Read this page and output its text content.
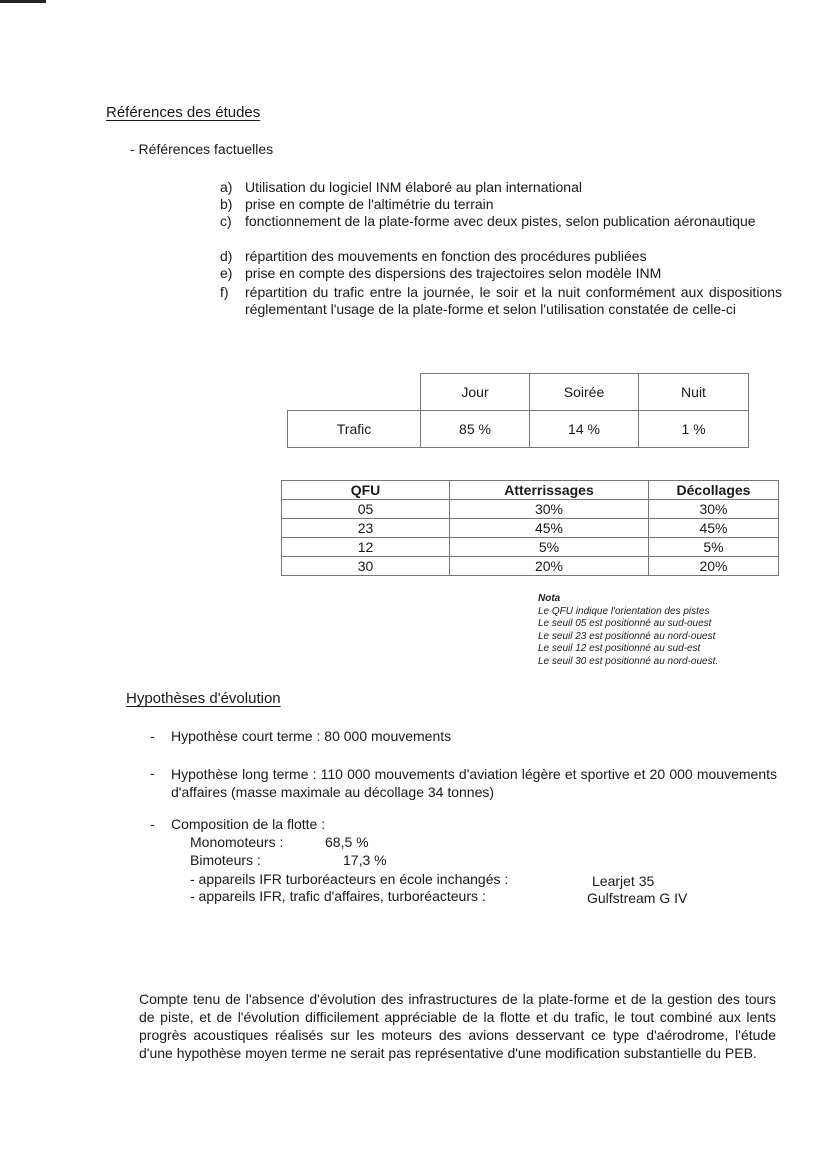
Références des études
- Références factuelles
a) Utilisation du logiciel INM élaboré au plan international
b) prise en compte de l'altimétrie du terrain
c) fonctionnement de la plate-forme avec deux pistes, selon publication aéronautique
d) répartition des mouvements en fonction des procédures publiées
e) prise en compte des dispersions des trajectoires selon modèle INM
f) répartition du trafic entre la journée, le soir et la nuit conformément aux dispositions réglementant l'usage de la plate-forme et selon l'utilisation constatée de celle-ci
	Jour	Soirée	Nuit
Trafic	85 %	14 %	1 %
QFU	Atterrissages	Décollages
05	30%	30%
23	45%	45%
12	5%	5%
30	20%	20%
Nota
Le QFU indique l'orientation des pistes
Le seuil 05 est positionné au sud-ouest
Le seuil 23 est positionné au nord-ouest
Le seuil 12 est positionné au sud-est
Le seuil 30 est positionné au nord-ouest.
Hypothèses d'évolution
- Hypothèse court terme : 80 000 mouvements
- Hypothèse long terme : 110 000 mouvements d'aviation légère et sportive et 20 000 mouvements d'affaires (masse maximale au décollage 34 tonnes)
- Composition de la flotte :
Monomoteurs :	68,5 %
Bimoteurs :	17,3 %
- appareils IFR turboréacteurs en école inchangés :	Learjet 35
- appareils IFR, trafic d'affaires, turboréacteurs :	Gulfstream G IV
Compte tenu de l'absence d'évolution des infrastructures de la plate-forme et de la gestion des tours de piste, et de l'évolution difficilement appréciable de la flotte et du trafic, le tout combiné aux lents progrès acoustiques réalisés sur les moteurs des avions desservant ce type d'aérodrome, l'étude d'une hypothèse moyen terme ne serait pas représentative d'une modification substantielle du PEB.
